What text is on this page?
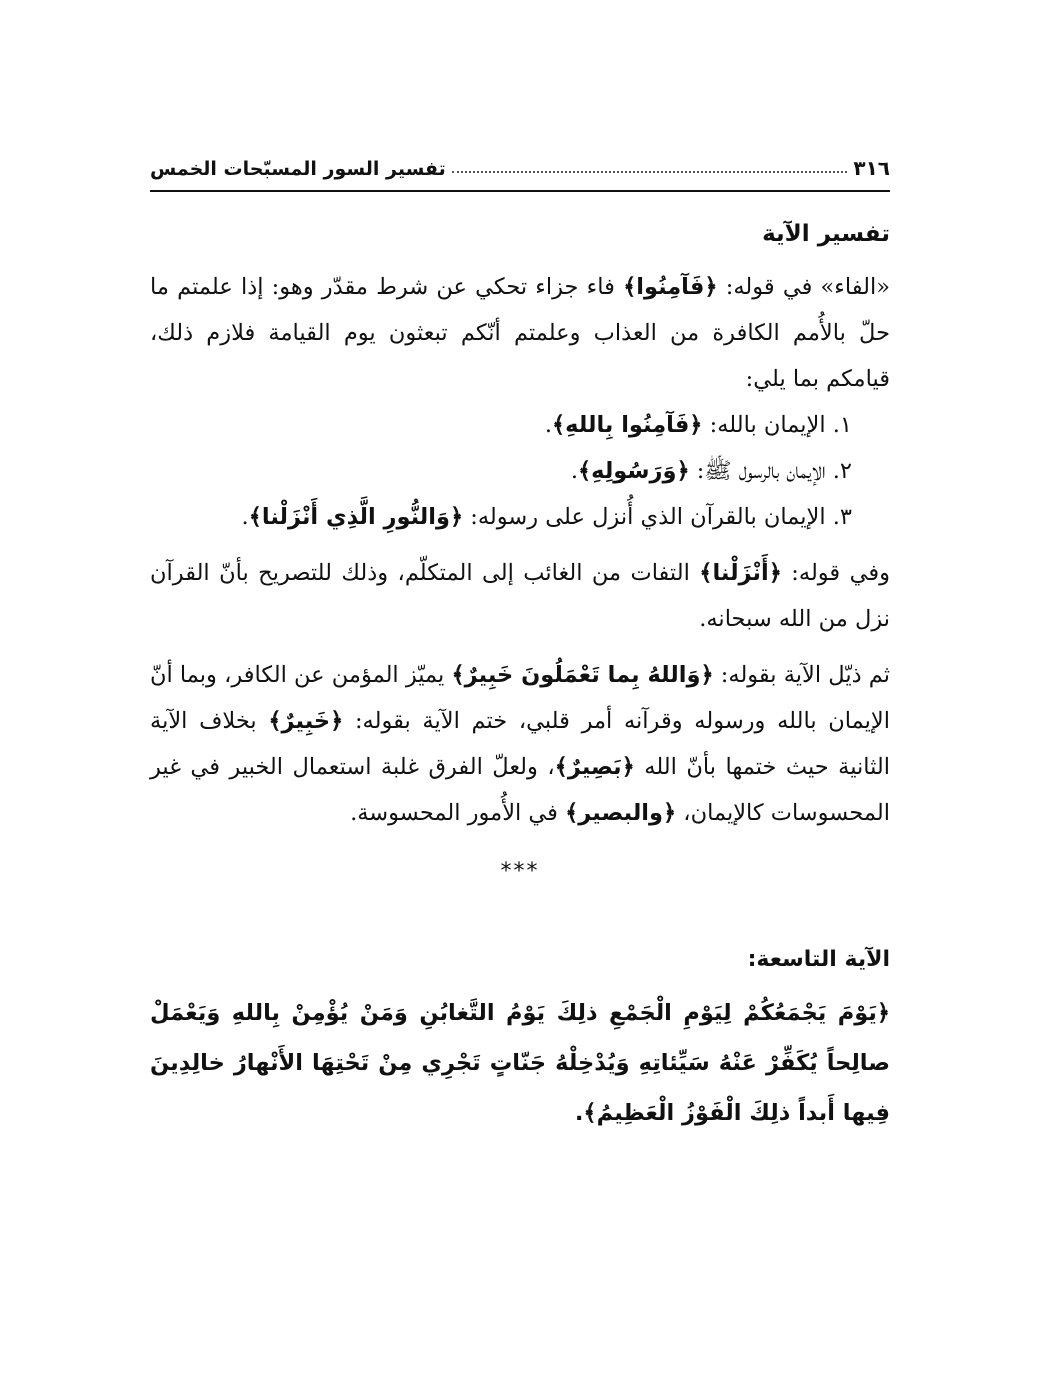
٣١٦
تفسير السور المسبّحات الخمس
تفسير الآية

«الفاء» في قوله: ﴿فَآمِنُوا﴾ فاء جزاء تحكي عن شرط مقدّر وهو: إذا علمتم ما حلّ بالأُمم الكافرة من العذاب وعلمتم أنّكم تبعثون يوم القيامة فلازم ذلك، قيامكم بما يلي:

١. الإيمان بالله: ﴿فَآمِنُوا بِاللهِ﴾.
٢. الإيمان بالرسول ﷺ: ﴿وَرَسُولِهِ﴾.
٣. الإيمان بالقرآن الذي أُنزل على رسوله: ﴿وَالنُّورِ الَّذِي أَنْزَلْنا﴾.

وفي قوله: ﴿أَنْزَلْنا﴾ التفات من الغائب إلى المتكلّم، وذلك للتصريح بأنّ القرآن نزل من الله سبحانه.

ثم ذيّل الآية بقوله: ﴿وَاللهُ بِما تَعْمَلُونَ خَبِيرٌ﴾ يميّز المؤمن عن الكافر، وبما أنّ الإيمان بالله ورسوله وقرآنه أمر قلبي، ختم الآية بقوله: ﴿خَبِيرٌ﴾ بخلاف الآية الثانية حيث ختمها بأنّ الله ﴿بَصِيرٌ﴾، ولعلّ الفرق غلبة استعمال الخبير في غير المحسوسات كالإيمان، ﴿والبصير﴾ في الأُمور المحسوسة.

***
الآية التاسعة:

﴿يَوْمَ يَجْمَعُكُمْ لِيَوْمِ الْجَمْعِ ذلِكَ يَوْمُ التَّغابُنِ وَمَنْ يُؤْمِنْ بِاللهِ وَيَعْمَلْ صالِحاً يُكَفِّرْ عَنْهُ سَيِّئاتِهِ وَيُدْخِلْهُ جَنّاتٍ تَجْرِي مِنْ تَحْتِهَا الأَنْهارُ خالِدِينَ فِيها أَبداً ذلِكَ الْفَوْزُ الْعَظِيمُ﴾.
